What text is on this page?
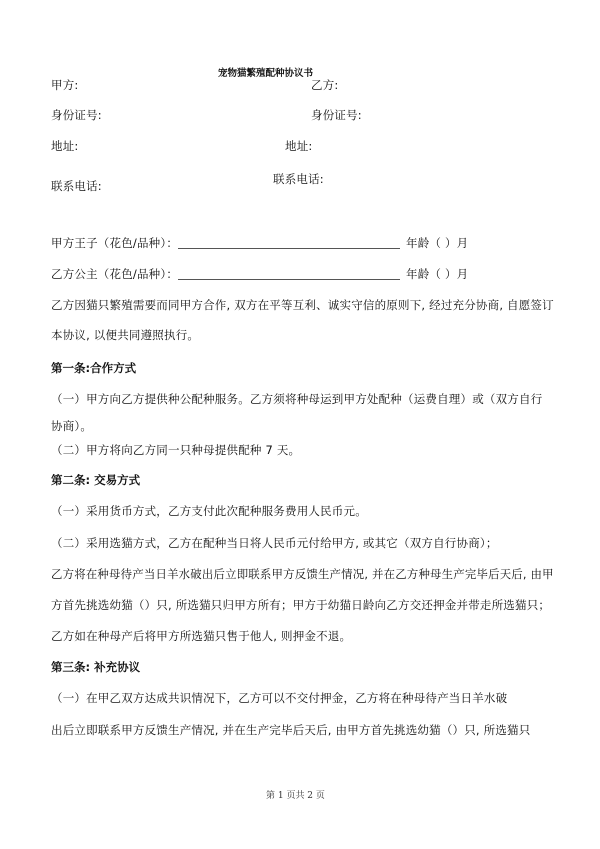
宠物猫繁殖配种协议书
甲方:	乙方:
身份证号:	身份证号:
地址:	地址:
联系电话:	联系电话:
甲方王子（花色/品种）：	年龄（ ）月
乙方公主（花色/品种）：	年龄（ ）月
乙方因猫只繁殖需要而同甲方合作, 双方在平等互利、诚实守信的原则下, 经过充分协商, 自愿签订
本协议, 以便共同遵照执行。
第一条:合作方式
（一）甲方向乙方提供种公配种服务。乙方须将种母运到甲方处配种（运费自理）或（双方自行
协商）。
（二）甲方将向乙方同一只种母提供配种 7 天。
第二条: 交易方式
（一）采用货币方式，乙方支付此次配种服务费用人民币元。
（二）采用选猫方式，乙方在配种当日将人民币元付给甲方, 或其它（双方自行协商）；
乙方将在种母待产当日羊水破出后立即联系甲方反馈生产情况, 并在乙方种母生产完毕后天后, 由甲
方首先挑选幼猫（）只, 所选猫只归甲方所有；甲方于幼猫日龄向乙方交还押金并带走所选猫只；
乙方如在种母产后将甲方所选猫只售于他人, 则押金不退。
第三条: 补充协议
（一）在甲乙双方达成共识情况下，乙方可以不交付押金，乙方将在种母待产当日羊水破
出后立即联系甲方反馈生产情况, 并在生产完毕后天后, 由甲方首先挑选幼猫（）只, 所选猫只
第 1 页共 2 页
